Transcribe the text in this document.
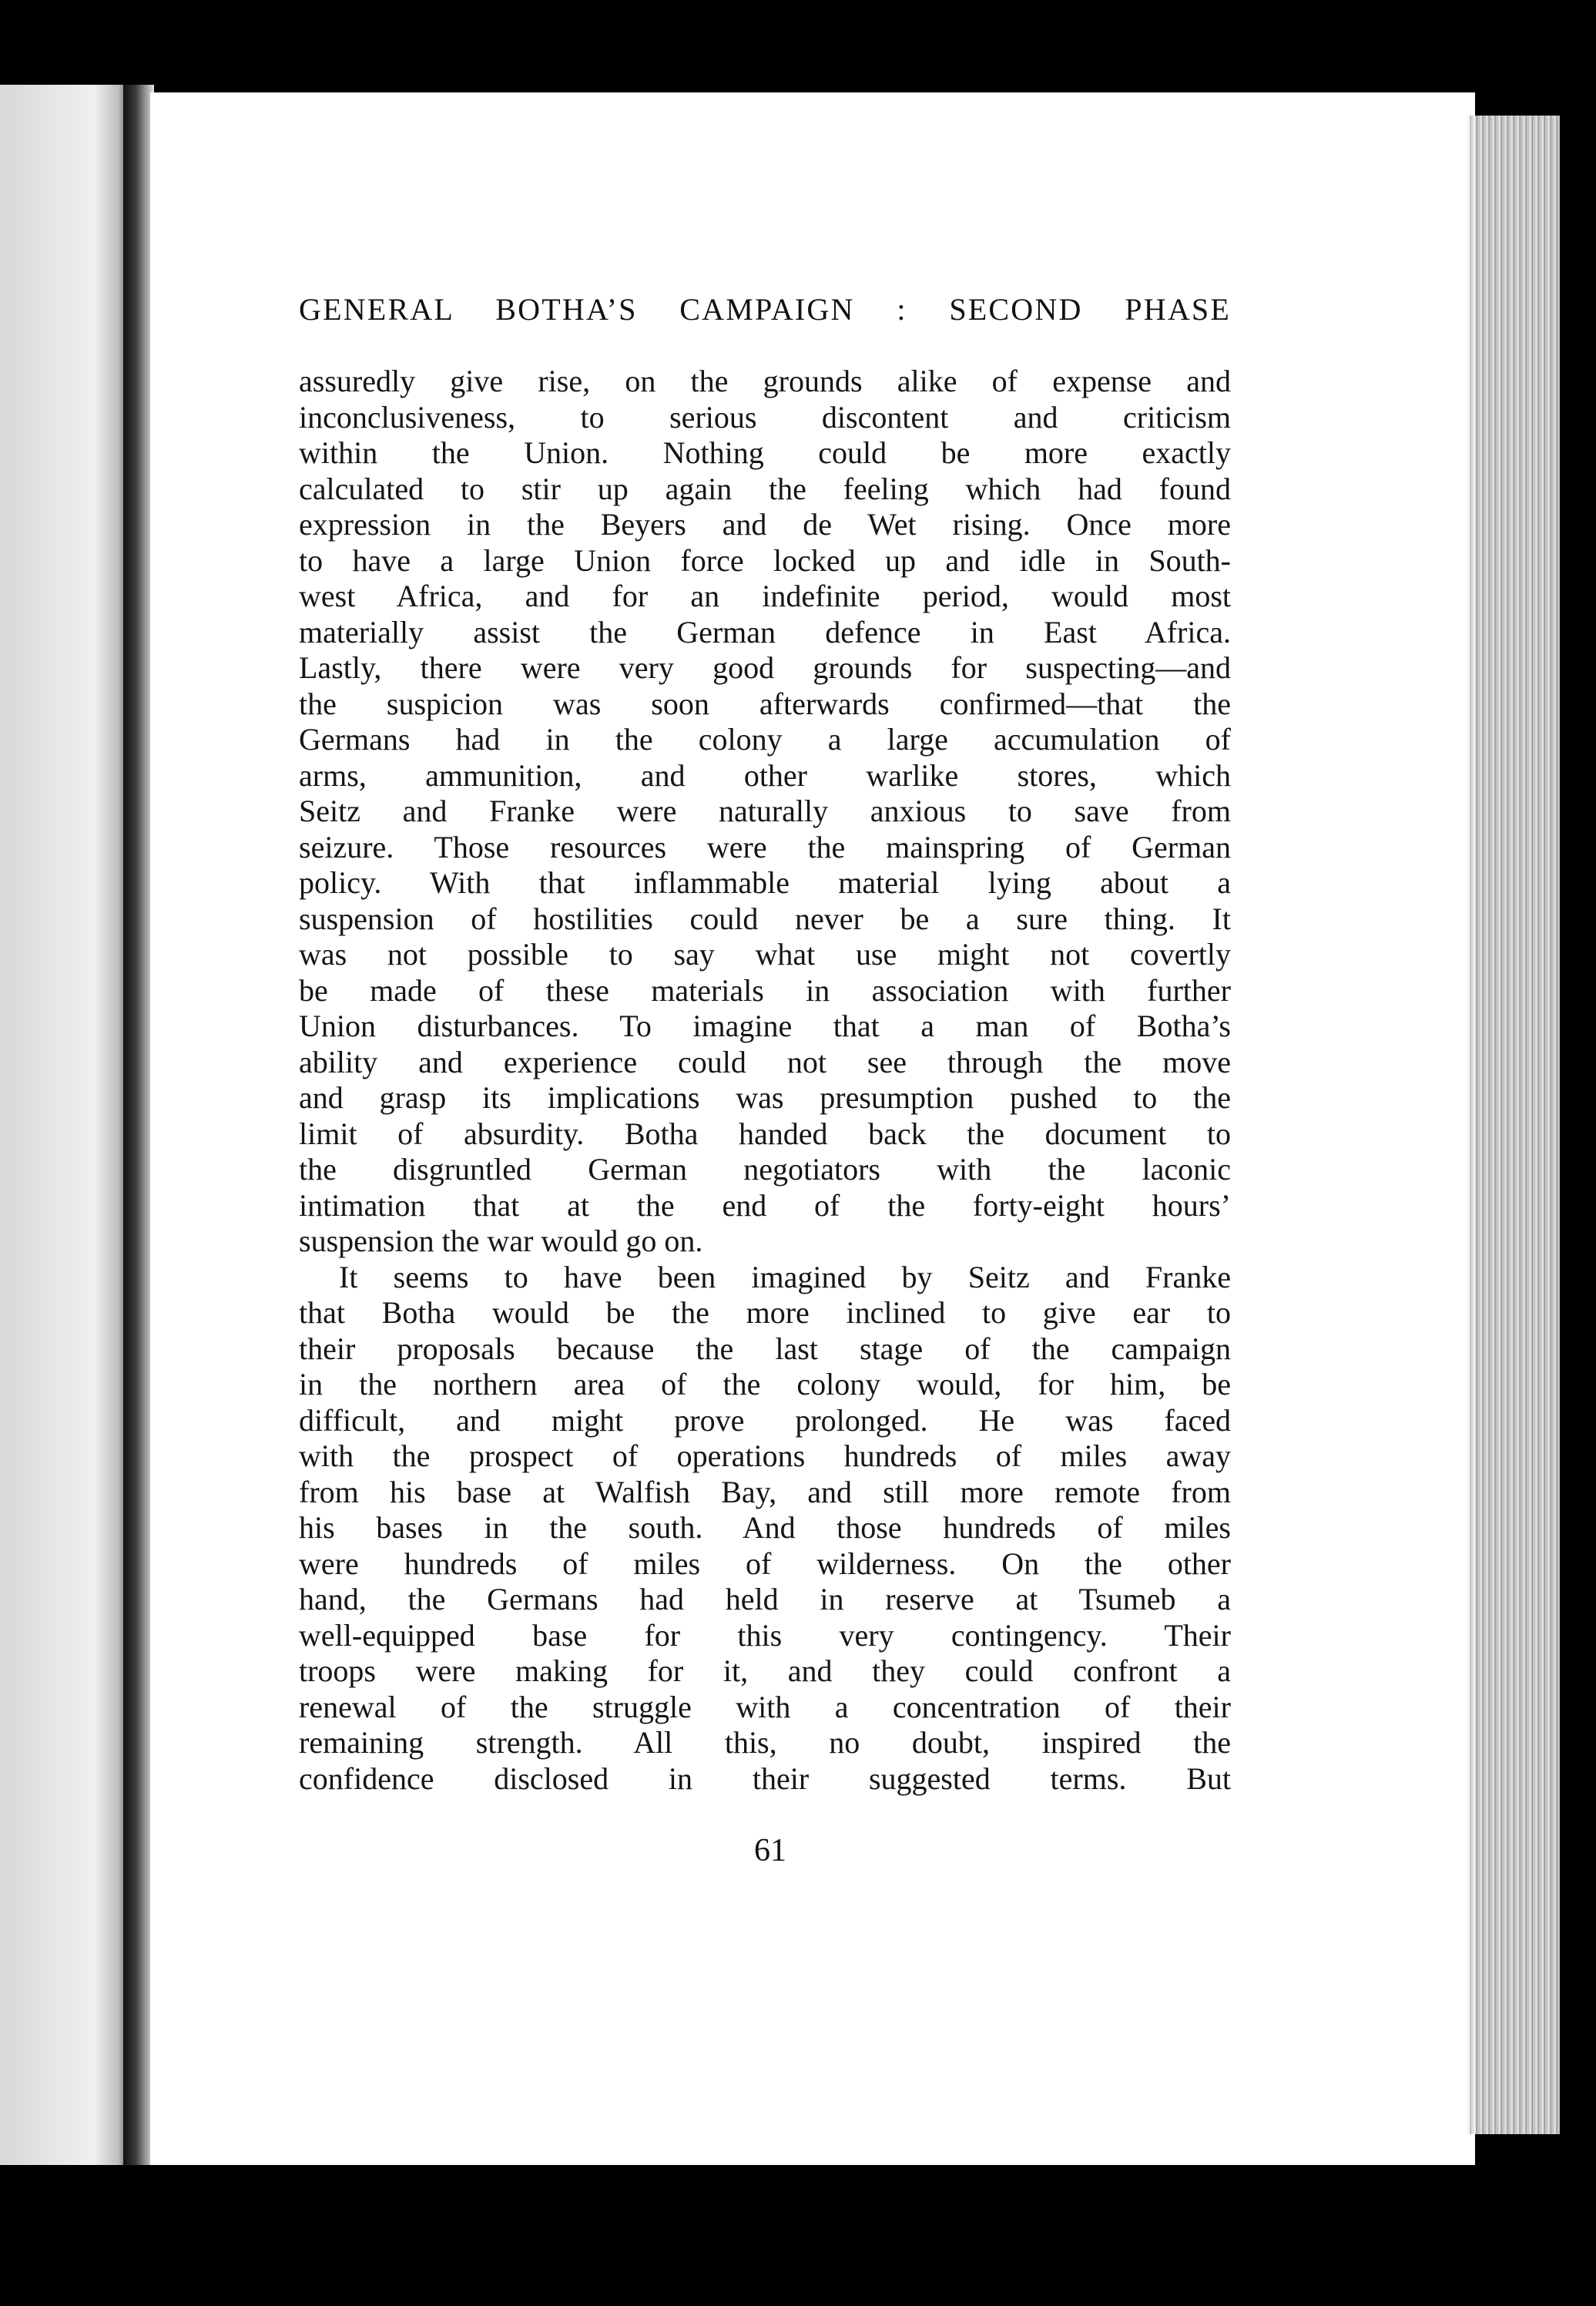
GENERAL BOTHA’S CAMPAIGN : SECOND PHASE
assuredly give rise, on the grounds alike of expense and
inconclusiveness, to serious discontent and criticism
within the Union. Nothing could be more exactly
calculated to stir up again the feeling which had found
expression in the Beyers and de Wet rising. Once more
to have a large Union force locked up and idle in South-
west Africa, and for an indefinite period, would most
materially assist the German defence in East Africa.
Lastly, there were very good grounds for suspecting—and
the suspicion was soon afterwards confirmed—that the
Germans had in the colony a large accumulation of
arms, ammunition, and other warlike stores, which
Seitz and Franke were naturally anxious to save from
seizure. Those resources were the mainspring of German
policy. With that inflammable material lying about a
suspension of hostilities could never be a sure thing. It
was not possible to say what use might not covertly
be made of these materials in association with further
Union disturbances. To imagine that a man of Botha’s
ability and experience could not see through the move
and grasp its implications was presumption pushed to the
limit of absurdity. Botha handed back the document to
the disgruntled German negotiators with the laconic
intimation that at the end of the forty-eight hours’
suspension the war would go on.
It seems to have been imagined by Seitz and Franke
that Botha would be the more inclined to give ear to
their proposals because the last stage of the campaign
in the northern area of the colony would, for him, be
difficult, and might prove prolonged. He was faced
with the prospect of operations hundreds of miles away
from his base at Walfish Bay, and still more remote from
his bases in the south. And those hundreds of miles
were hundreds of miles of wilderness. On the other
hand, the Germans had held in reserve at Tsumeb a
well-equipped base for this very contingency. Their
troops were making for it, and they could confront a
renewal of the struggle with a concentration of their
remaining strength. All this, no doubt, inspired the
confidence disclosed in their suggested terms. But
61
